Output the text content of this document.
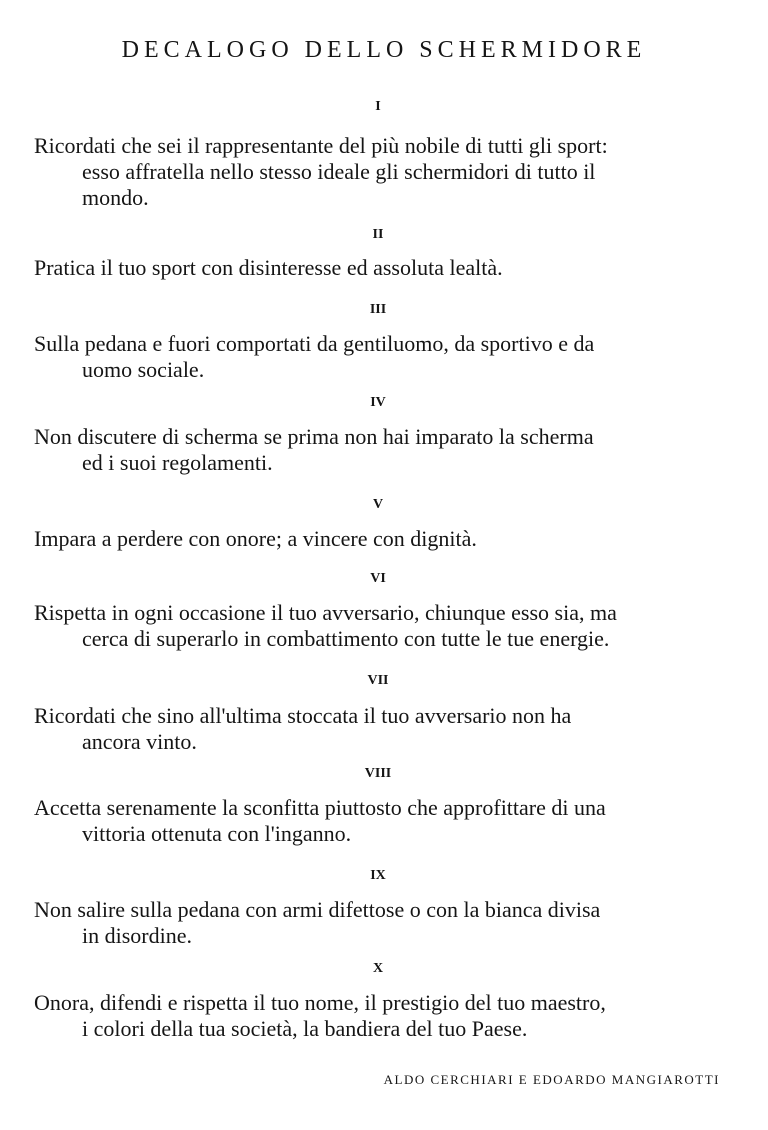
DECALOGO DELLO SCHERMIDORE
I
Ricordati che sei il rappresentante del più nobile di tutti gli sport:
esso affratella nello stesso ideale gli schermidori di tutto il
mondo.
II
Pratica il tuo sport con disinteresse ed assoluta lealtà.
III
Sulla pedana e fuori comportati da gentiluomo, da sportivo e da
uomo sociale.
IV
Non discutere di scherma se prima non hai imparato la scherma
ed i suoi regolamenti.
V
Impara a perdere con onore; a vincere con dignità.
VI
Rispetta in ogni occasione il tuo avversario, chiunque esso sia, ma
cerca di superarlo in combattimento con tutte le tue energie.
VII
Ricordati che sino all'ultima stoccata il tuo avversario non ha
ancora vinto.
VIII
Accetta serenamente la sconfitta piuttosto che approfittare di una
vittoria ottenuta con l'inganno.
IX
Non salire sulla pedana con armi difettose o con la bianca divisa
in disordine.
X
Onora, difendi e rispetta il tuo nome, il prestigio del tuo maestro,
i colori della tua società, la bandiera del tuo Paese.
ALDO CERCHIARI E EDOARDO MANGIAROTTI
